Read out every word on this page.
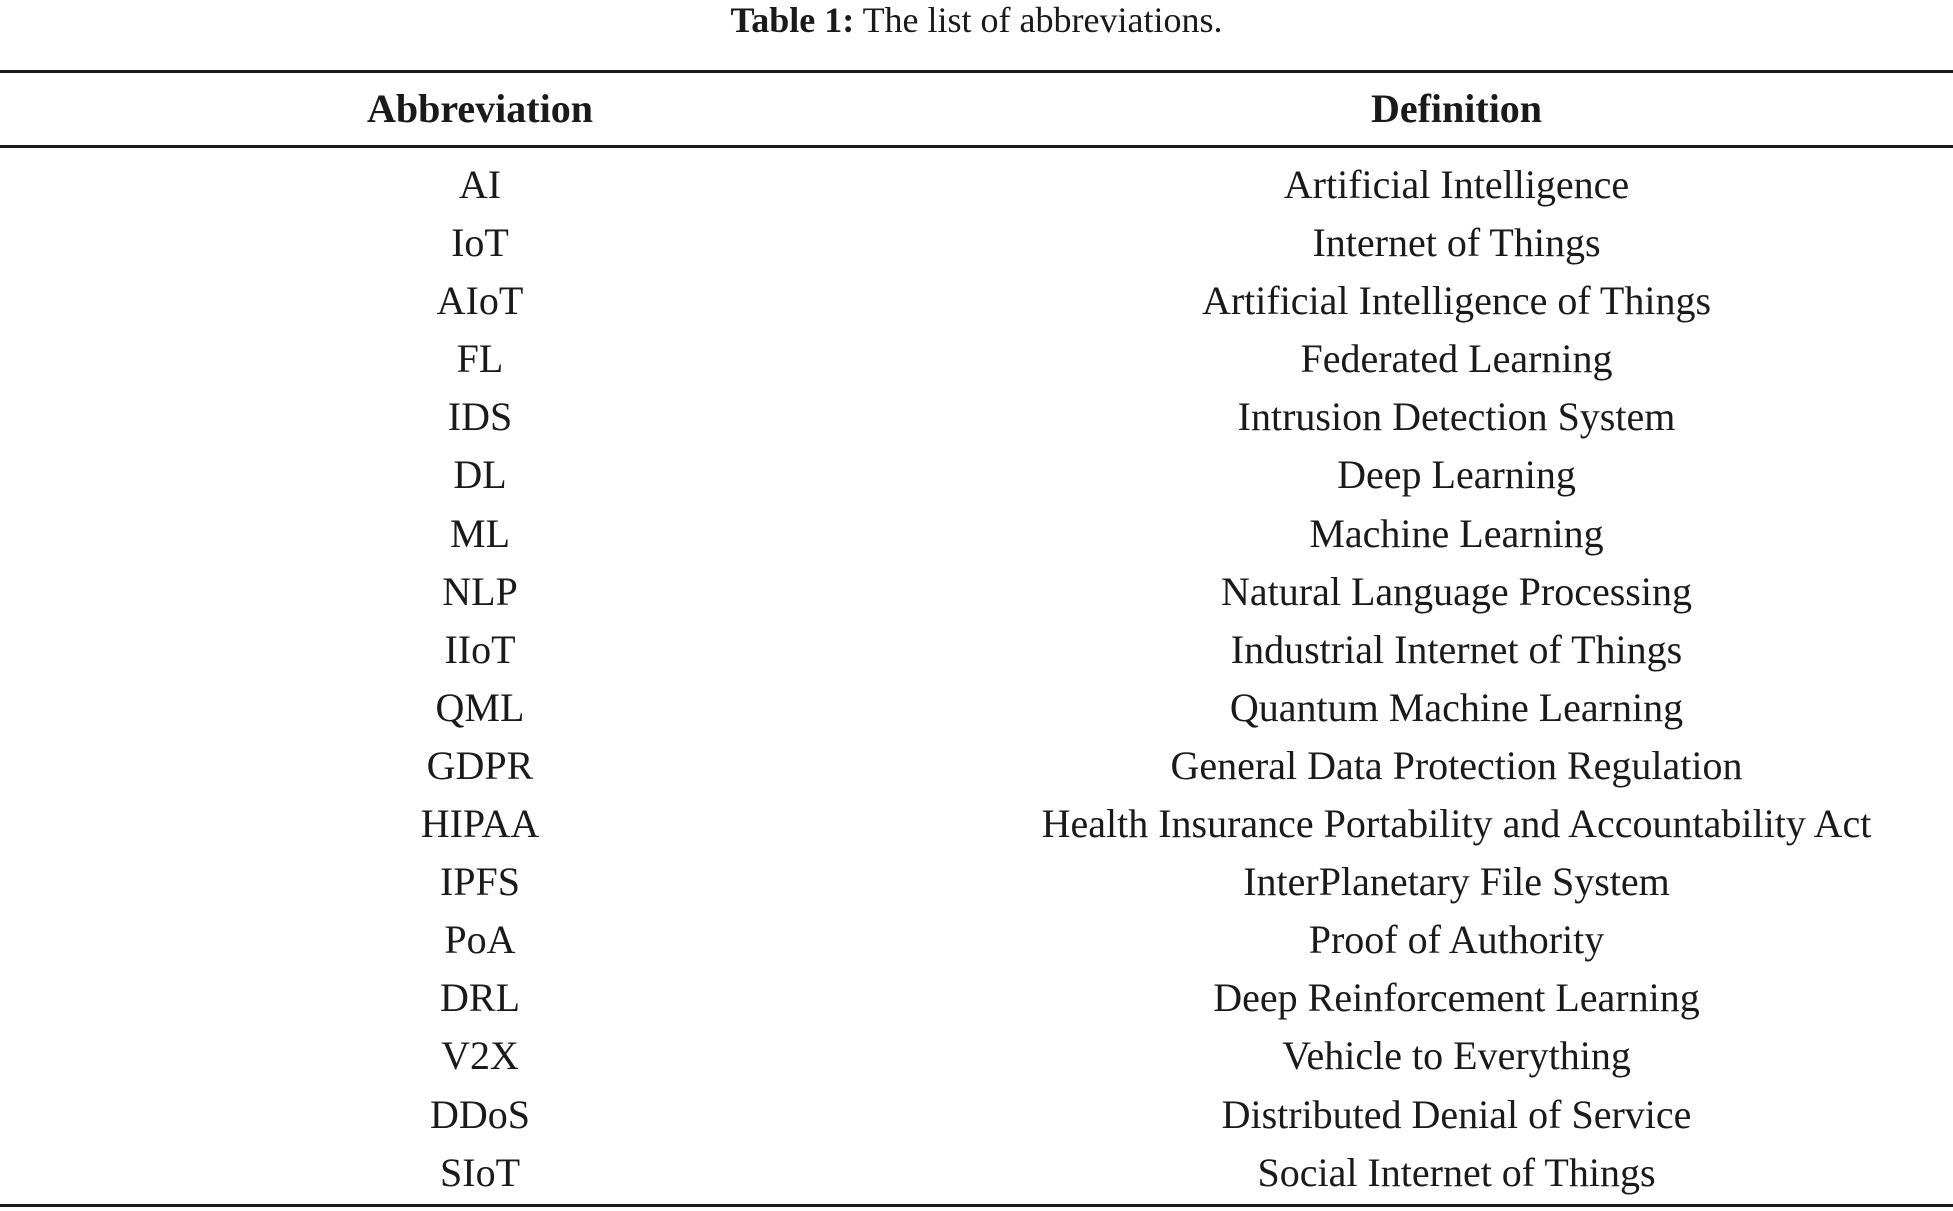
Table 1: The list of abbreviations.
Abbreviation	Definition
AI	Artificial Intelligence
IoT	Internet of Things
AIoT	Artificial Intelligence of Things
FL	Federated Learning
IDS	Intrusion Detection System
DL	Deep Learning
ML	Machine Learning
NLP	Natural Language Processing
IIoT	Industrial Internet of Things
QML	Quantum Machine Learning
GDPR	General Data Protection Regulation
HIPAA	Health Insurance Portability and Accountability Act
IPFS	InterPlanetary File System
PoA	Proof of Authority
DRL	Deep Reinforcement Learning
V2X	Vehicle to Everything
DDoS	Distributed Denial of Service
SIoT	Social Internet of Things
